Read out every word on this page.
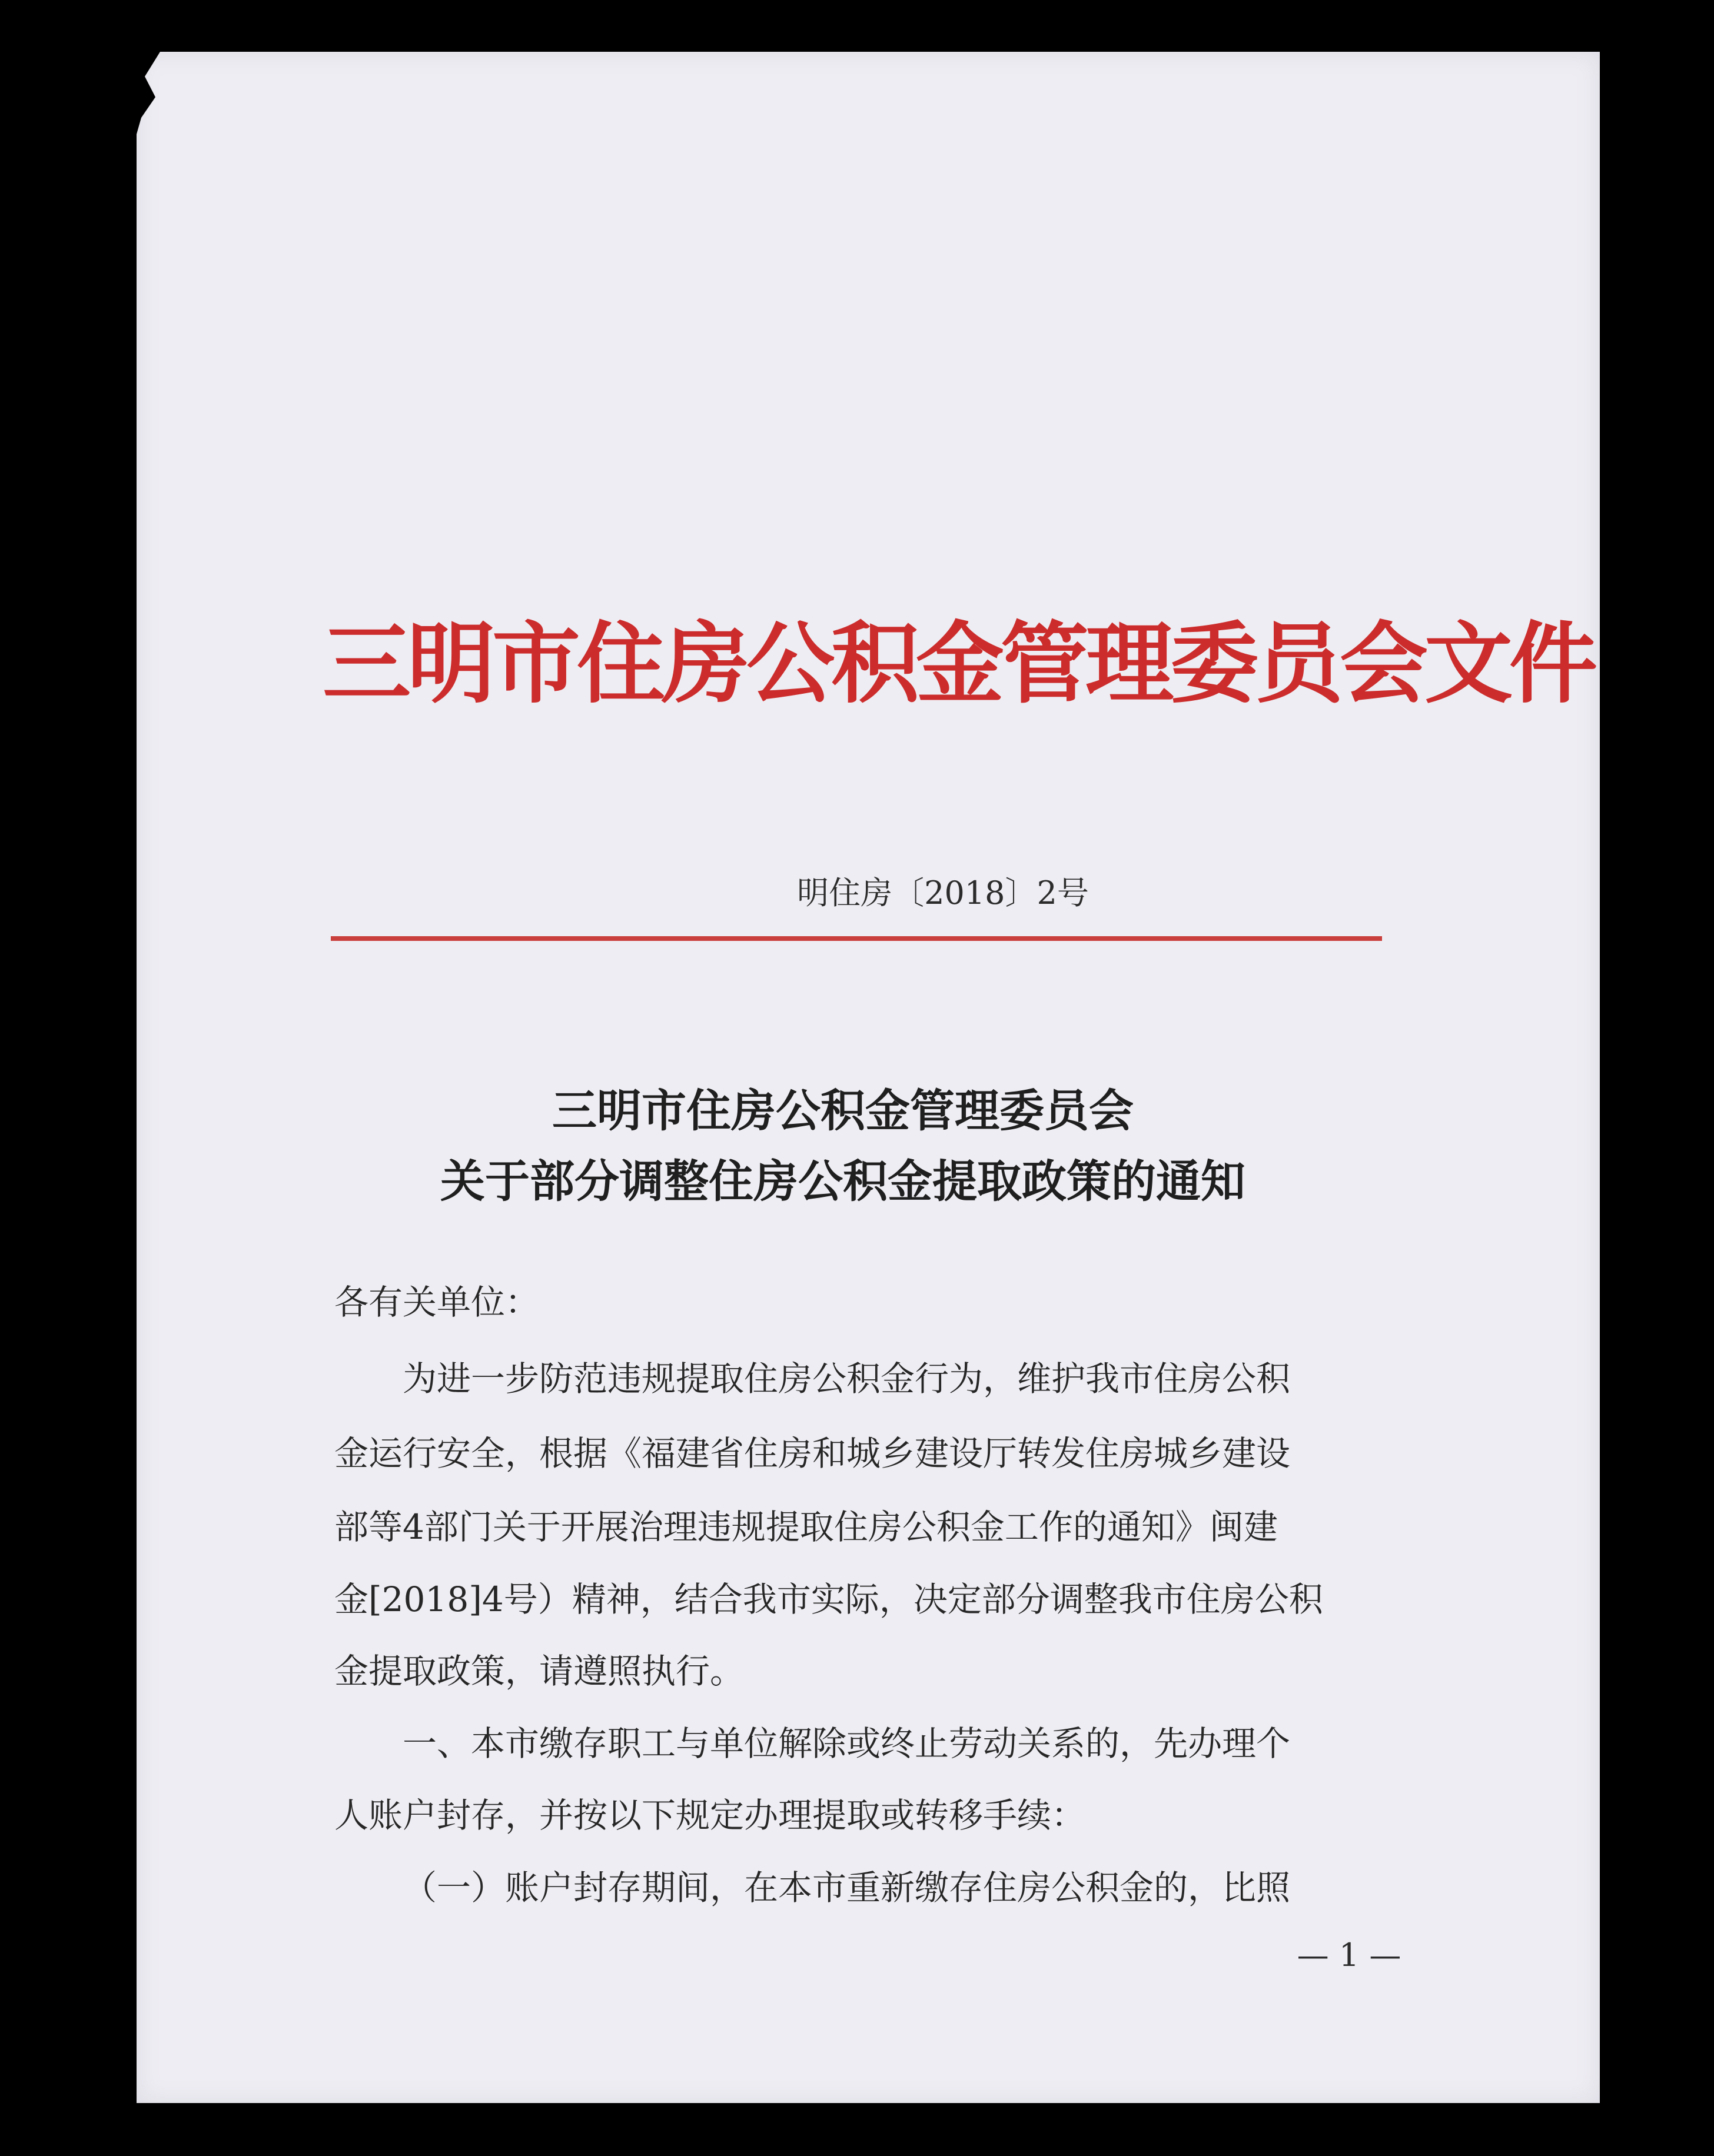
三明市住房公积金管理委员会文件
明住房〔2018〕2号
三明市住房公积金管理委员会
关于部分调整住房公积金提取政策的通知

各有关单位：

为进一步防范违规提取住房公积金行为，维护我市住房公积

金运行安全，根据《福建省住房和城乡建设厅转发住房城乡建设

部等4部门关于开展治理违规提取住房公积金工作的通知》闽建

金[2018]4号）精神，结合我市实际，决定部分调整我市住房公积

金提取政策，请遵照执行。

一、本市缴存职工与单位解除或终止劳动关系的，先办理个

人账户封存，并按以下规定办理提取或转移手续：

（一）账户封存期间，在本市重新缴存住房公积金的，比照

— 1 —
